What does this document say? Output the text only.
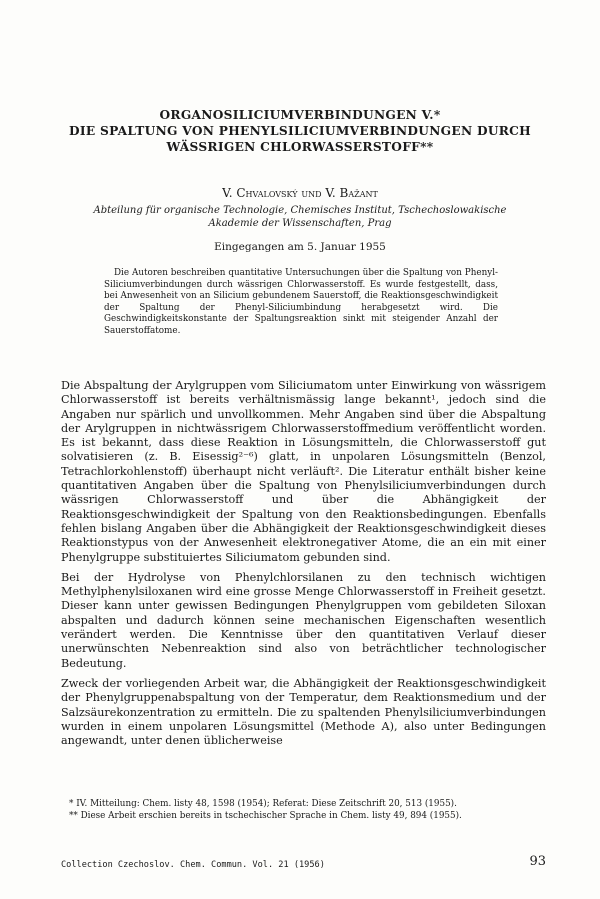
ORGANOSILICIUMVERBINDUNGEN V.*
DIE SPALTUNG VON PHENYLSILICIUMVERBINDUNGEN DURCH
WÄSSRIGEN CHLORWASSERSTOFF**
V. Chvalovský und V. Bažant
Abteilung für organische Technologie, Chemisches Institut, Tschechoslowakische
Akademie der Wissenschaften, Prag
Eingegangen am 5. Januar 1955
Die Autoren beschreiben quantitative Untersuchungen über die Spaltung von Phenyl-Siliciumverbindungen durch wässrigen Chlorwasserstoff. Es wurde festgestellt, dass, bei Anwesenheit von an Silicium gebundenem Sauerstoff, die Reaktionsgeschwindigkeit der Spaltung der Phenyl-Siliciumbindung herabgesetzt wird. Die Geschwindigkeitskonstante der Spaltungsreaktion sinkt mit steigender Anzahl der Sauerstoffatome.

Die Abspaltung der Arylgruppen vom Siliciumatom unter Einwirkung von wässrigem Chlorwasserstoff ist bereits verhältnismässig lange bekannt¹, jedoch sind die Angaben nur spärlich und unvollkommen. Mehr Angaben sind über die Abspaltung der Arylgruppen in nichtwässrigem Chlorwasserstoffmedium veröffentlicht worden. Es ist bekannt, dass diese Reaktion in Lösungsmitteln, die Chlorwasserstoff gut solvatisieren (z. B. Eisessig²⁻⁶) glatt, in unpolaren Lösungsmitteln (Benzol, Tetrachlorkohlenstoff) überhaupt nicht verläuft². Die Literatur enthält bisher keine quantitativen Angaben über die Spaltung von Phenylsiliciumverbindungen durch wässrigen Chlorwasserstoff und über die Abhängigkeit der Reaktionsgeschwindigkeit der Spaltung von den Reaktionsbedingungen. Ebenfalls fehlen bislang Angaben über die Abhängigkeit der Reaktionsgeschwindigkeit dieses Reaktionstypus von der Anwesenheit elektronegativer Atome, die an ein mit einer Phenylgruppe substituiertes Siliciumatom gebunden sind.

Bei der Hydrolyse von Phenylchlorsilanen zu den technisch wichtigen Methylphenylsiloxanen wird eine grosse Menge Chlorwasserstoff in Freiheit gesetzt. Dieser kann unter gewissen Bedingungen Phenylgruppen vom gebildeten Siloxan abspalten und dadurch können seine mechanischen Eigenschaften wesentlich verändert werden. Die Kenntnisse über den quantitativen Verlauf dieser unerwünschten Nebenreaktion sind also von beträchtlicher technologischer Bedeutung.

Zweck der vorliegenden Arbeit war, die Abhängigkeit der Reaktionsgeschwindigkeit der Phenylgruppenabspaltung von der Temperatur, dem Reaktionsmedium und der Salzsäurekonzentration zu ermitteln. Die zu spaltenden Phenylsiliciumverbindungen wurden in einem unpolaren Lösungsmittel (Methode A), also unter Bedingungen angewandt, unter denen üblicherweise

* IV. Mitteilung: Chem. listy 48, 1598 (1954); Referat: Diese Zeitschrift 20, 513 (1955).
** Diese Arbeit erschien bereits in tschechischer Sprache in Chem. listy 49, 894 (1955).
Collection Czechoslov. Chem. Commun. Vol. 21 (1956)	93
